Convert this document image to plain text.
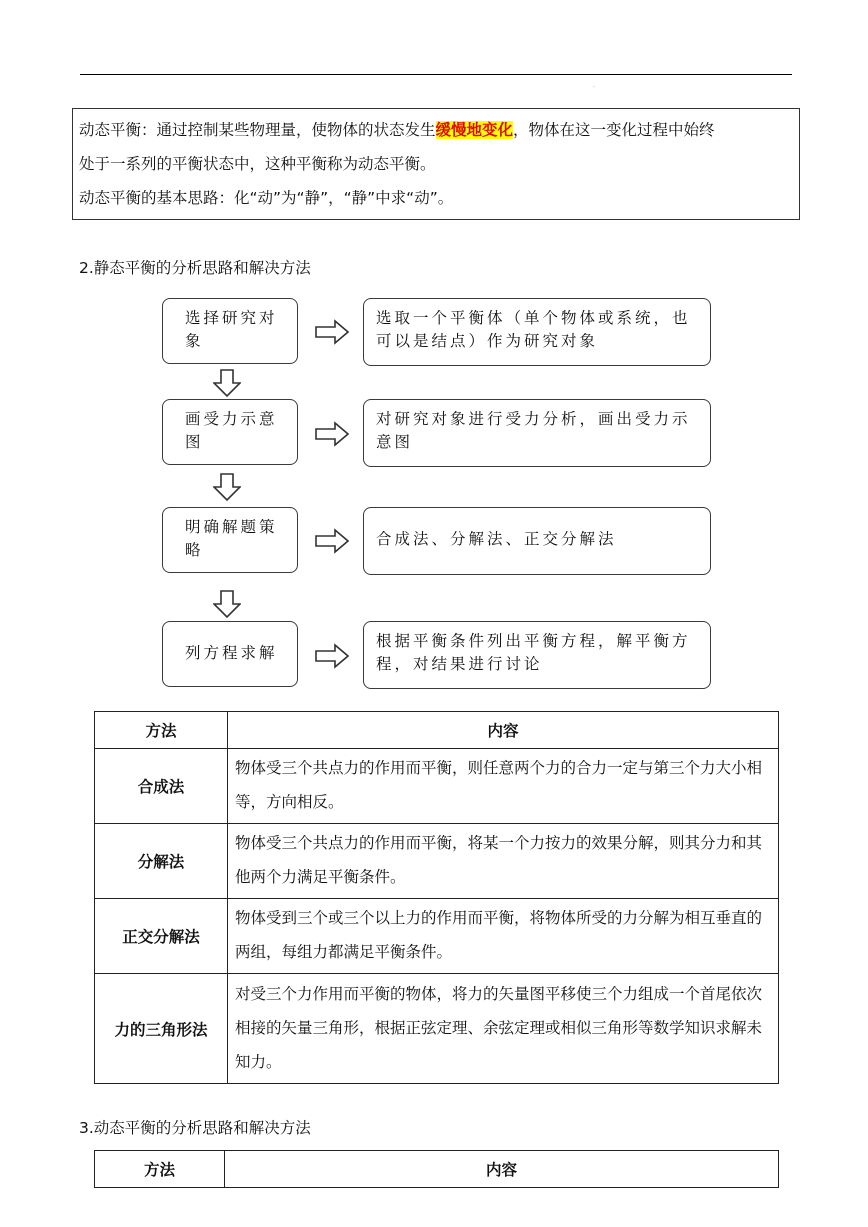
·
动态平衡：通过控制某些物理量，使物体的状态发生缓慢地变化，物体在这一变化过程中始终
处于一系列的平衡状态中，这种平衡称为动态平衡。
动态平衡的基本思路：化“动”为“静”，“静”中求“动”。
2.静态平衡的分析思路和解决方法
选择研究对象
选取一个平衡体（单个物体或系统，也可以是结点）作为研究对象
画受力示意图
对研究对象进行受力分析，画出受力示意图
明确解题策略
合成法、分解法、正交分解法
列方程求解
根据平衡条件列出平衡方程，解平衡方程，对结果进行讨论
方法	内容
合成法	物体受三个共点力的作用而平衡，则任意两个力的合力一定与第三个力大小相等，方向相反。
分解法	物体受三个共点力的作用而平衡，将某一个力按力的效果分解，则其分力和其他两个力满足平衡条件。
正交分解法	物体受到三个或三个以上力的作用而平衡，将物体所受的力分解为相互垂直的两组，每组力都满足平衡条件。
力的三角形法	对受三个力作用而平衡的物体，将力的矢量图平移使三个力组成一个首尾依次相接的矢量三角形，根据正弦定理、余弦定理或相似三角形等数学知识求解未知力。
3.动态平衡的分析思路和解决方法
方法	内容
